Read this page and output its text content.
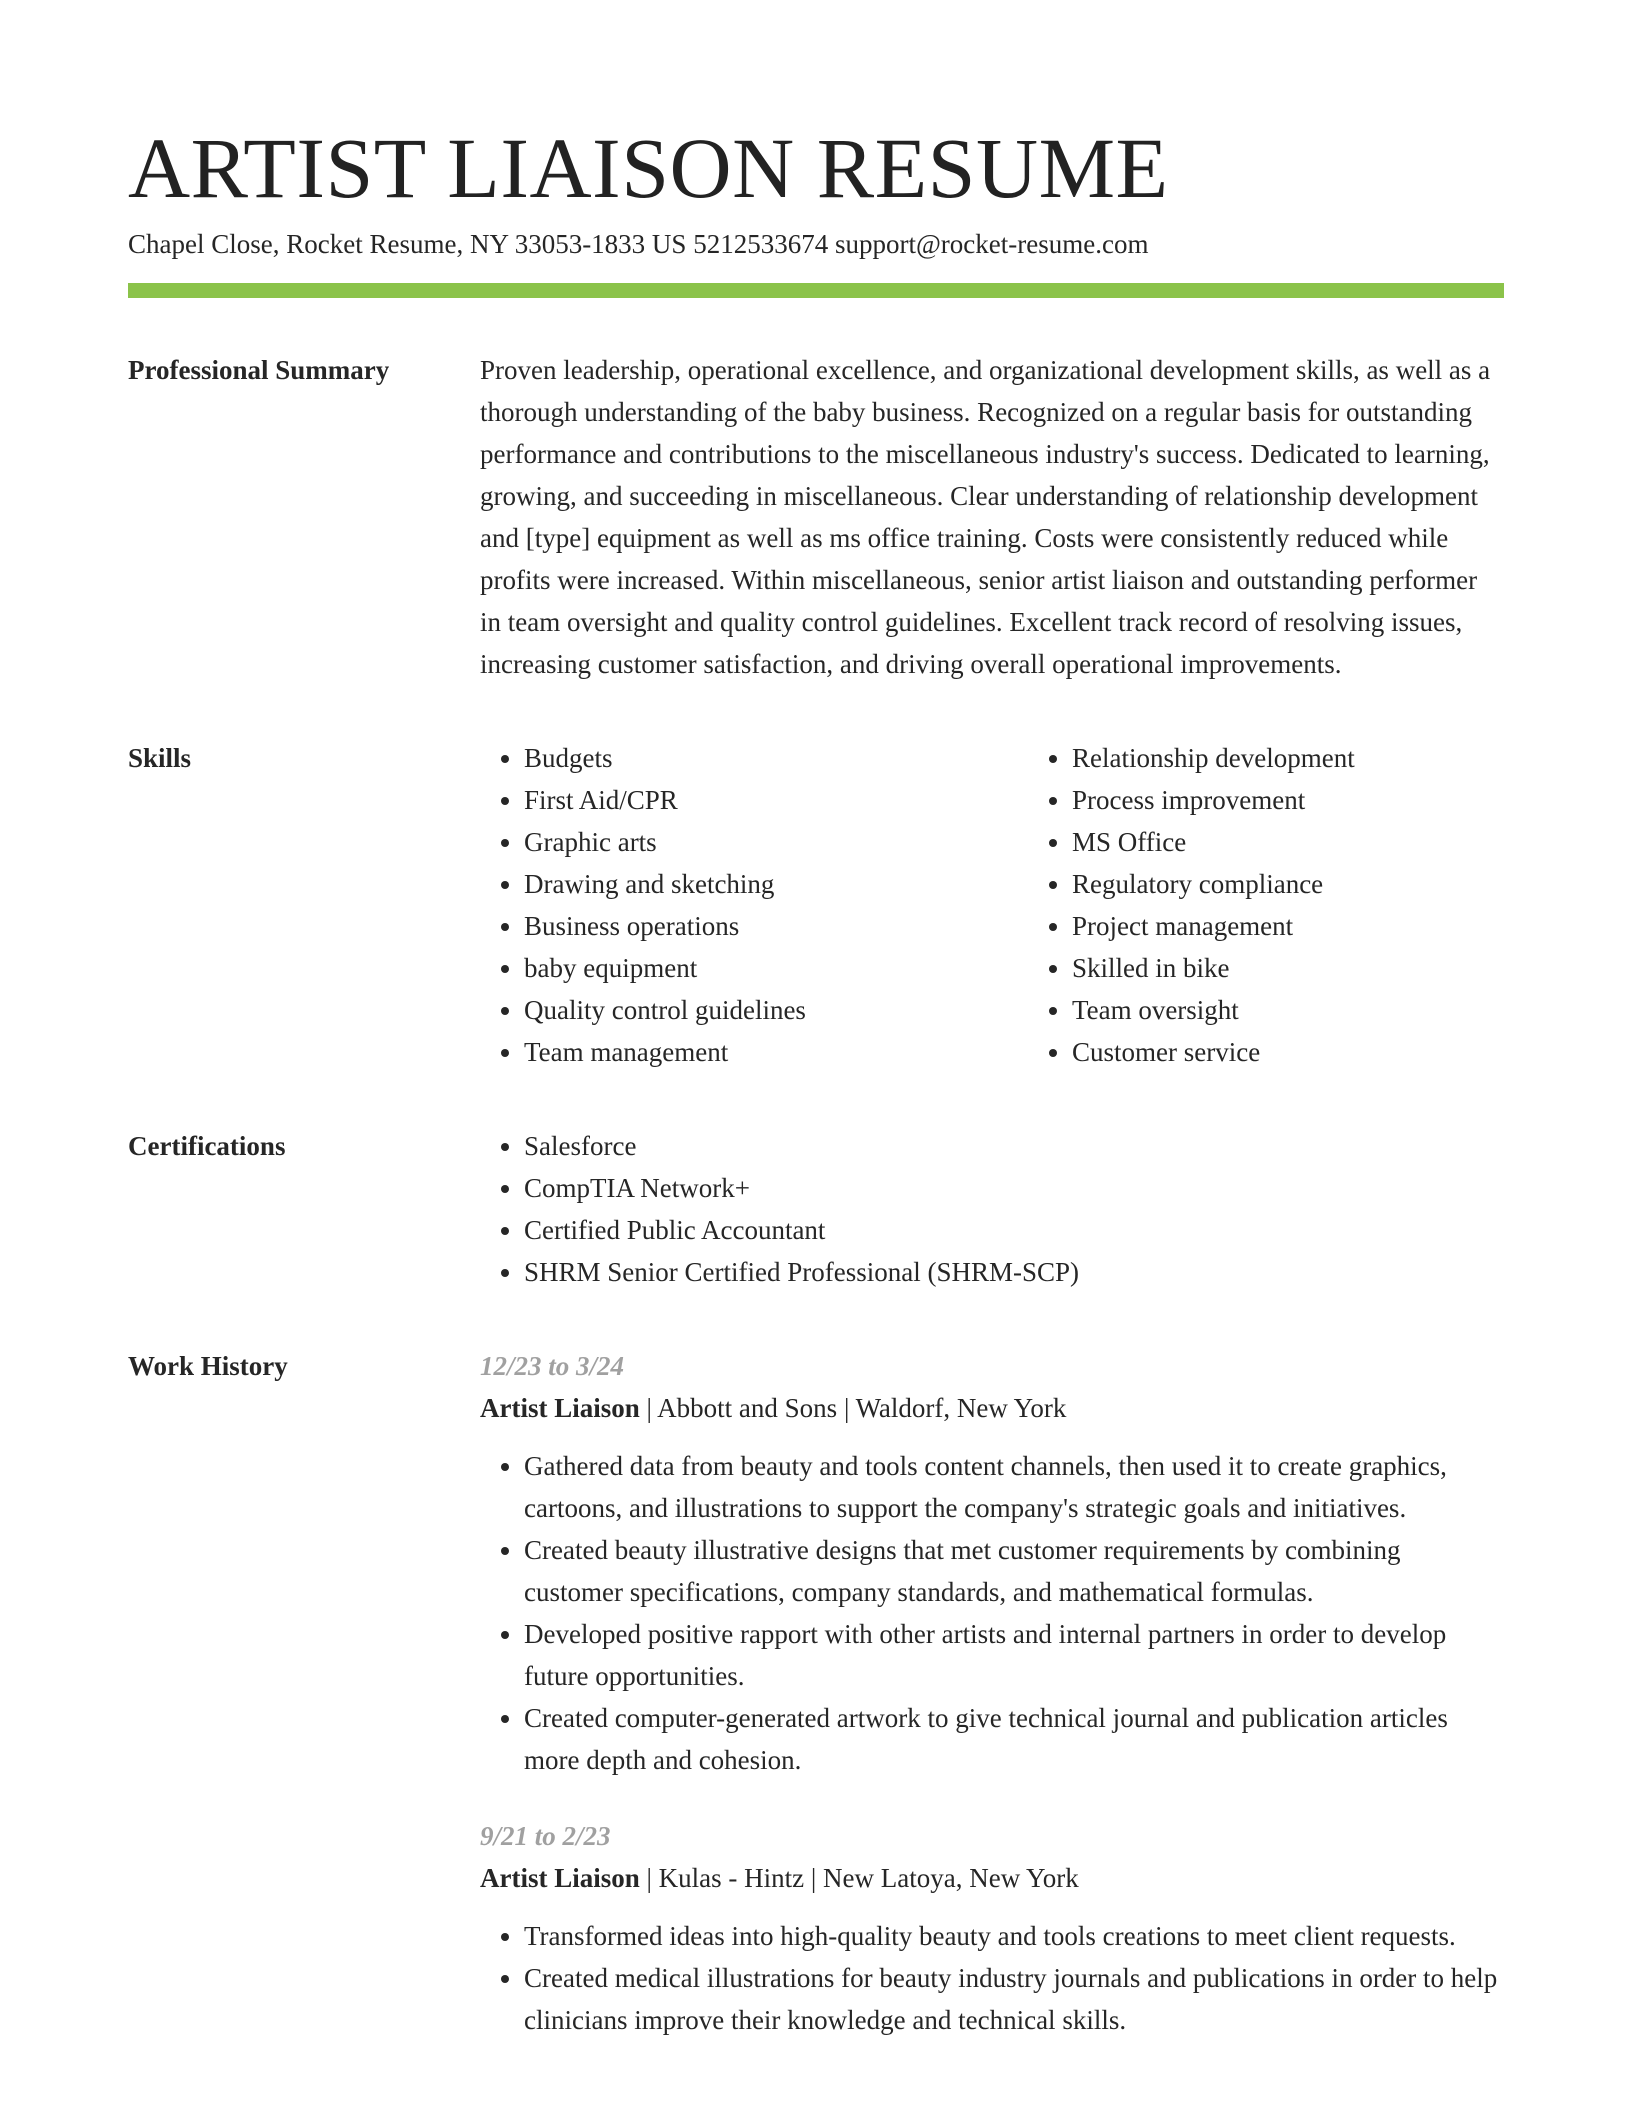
ARTIST LIAISON RESUME
Chapel Close, Rocket Resume, NY 33053-1833 US 5212533674 support@rocket-resume.com
Professional Summary	Proven leadership, operational excellence, and organizational development skills, as well as a thorough understanding of the baby business. Recognized on a regular basis for outstanding performance and contributions to the miscellaneous industry's success. Dedicated to learning, growing, and succeeding in miscellaneous. Clear understanding of relationship development and [type] equipment as well as ms office training. Costs were consistently reduced while profits were increased. Within miscellaneous, senior artist liaison and outstanding performer in team oversight and quality control guidelines. Excellent track record of resolving issues, increasing customer satisfaction, and driving overall operational improvements.

Skills	• Budgets
• First Aid/CPR
• Graphic arts
• Drawing and sketching
• Business operations
• baby equipment
• Quality control guidelines
• Team management
• Relationship development
• Process improvement
• MS Office
• Regulatory compliance
• Project management
• Skilled in bike
• Team oversight
• Customer service
Certifications	• Salesforce
• CompTIA Network+
• Certified Public Accountant
• SHRM Senior Certified Professional (SHRM-SCP)
Work History	12/23 to 3/24
Artist Liaison | Abbott and Sons | Waldorf, New York
• Gathered data from beauty and tools content channels, then used it to create graphics, cartoons, and illustrations to support the company's strategic goals and initiatives.
• Created beauty illustrative designs that met customer requirements by combining customer specifications, company standards, and mathematical formulas.
• Developed positive rapport with other artists and internal partners in order to develop future opportunities.
• Created computer-generated artwork to give technical journal and publication articles more depth and cohesion.
9/21 to 2/23
Artist Liaison | Kulas - Hintz | New Latoya, New York
• Transformed ideas into high-quality beauty and tools creations to meet client requests.
• Created medical illustrations for beauty industry journals and publications in order to help clinicians improve their knowledge and technical skills.
